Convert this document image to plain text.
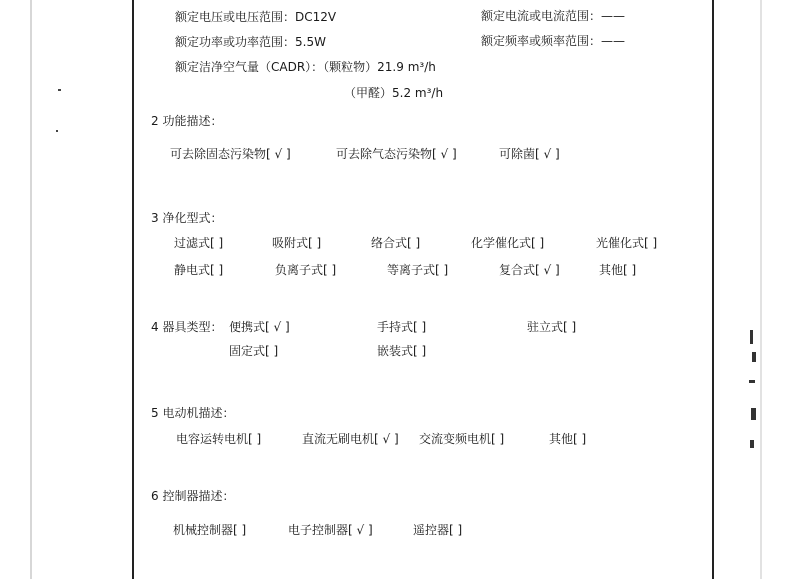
额定电压或电压范围：DC12V	额定电流或电流范围：——
额定功率或功率范围：5.5W	额定频率或频率范围：——
额定洁净空气量（CADR）：（颗粒物）21.9 m³/h
（甲醛）5.2 m³/h
2 功能描述：
可去除固态污染物[ √ ]	可去除气态污染物[ √ ]	可除菌[ √ ]
3 净化型式：
过滤式[ ]	吸附式[ ]	络合式[ ]	化学催化式[ ]	光催化式[ ]
静电式[ ]	负离子式[ ]	等离子式[ ]	复合式[ √ ]	其他[ ]
4 器具类型： 便携式[ √ ]	手持式[ ]	驻立式[ ]
固定式[ ]	嵌装式[ ]
5 电动机描述：
电容运转电机[ ]	直流无刷电机[ √ ] 交流变频电机[ ]	其他[ ]
6 控制器描述：
机械控制器[ ]	电子控制器[ √ ]	遥控器[ ]
